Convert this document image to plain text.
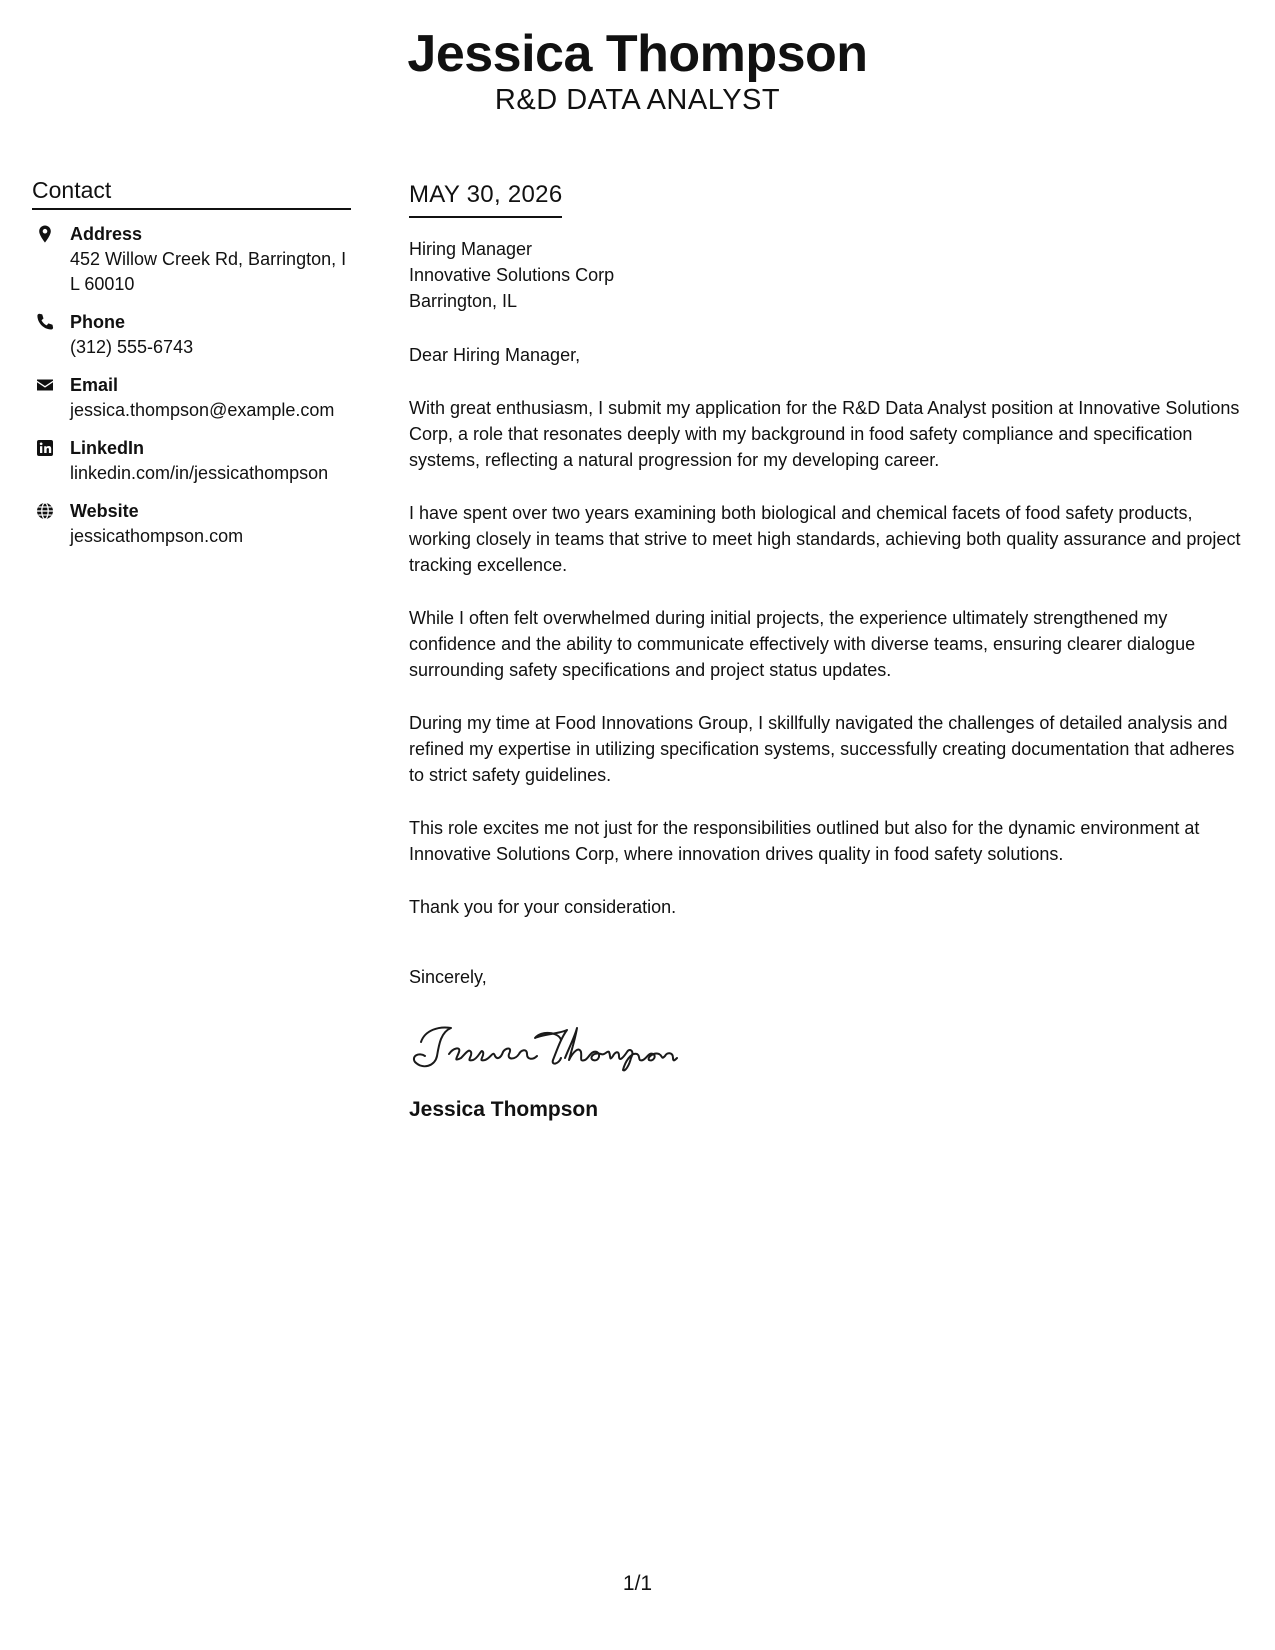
Jessica Thompson
R&D DATA ANALYST
Contact
Address
452 Willow Creek Rd, Barrington, IL 60010
Phone
(312) 555-6743
Email
jessica.thompson@example.com
LinkedIn
linkedin.com/in/jessicathompson
Website
jessicathompson.com
MAY 30, 2026
Hiring Manager
Innovative Solutions Corp
Barrington, IL
Dear Hiring Manager,
With great enthusiasm, I submit my application for the R&D Data Analyst position at Innovative Solutions Corp, a role that resonates deeply with my background in food safety compliance and specification systems, reflecting a natural progression for my developing career.
I have spent over two years examining both biological and chemical facets of food safety products, working closely in teams that strive to meet high standards, achieving both quality assurance and project tracking excellence.
While I often felt overwhelmed during initial projects, the experience ultimately strengthened my confidence and the ability to communicate effectively with diverse teams, ensuring clearer dialogue surrounding safety specifications and project status updates.
During my time at Food Innovations Group, I skillfully navigated the challenges of detailed analysis and refined my expertise in utilizing specification systems, successfully creating documentation that adheres to strict safety guidelines.
This role excites me not just for the responsibilities outlined but also for the dynamic environment at Innovative Solutions Corp, where innovation drives quality in food safety solutions.
Thank you for your consideration.
Sincerely,
Jessica Thompson
1/1
